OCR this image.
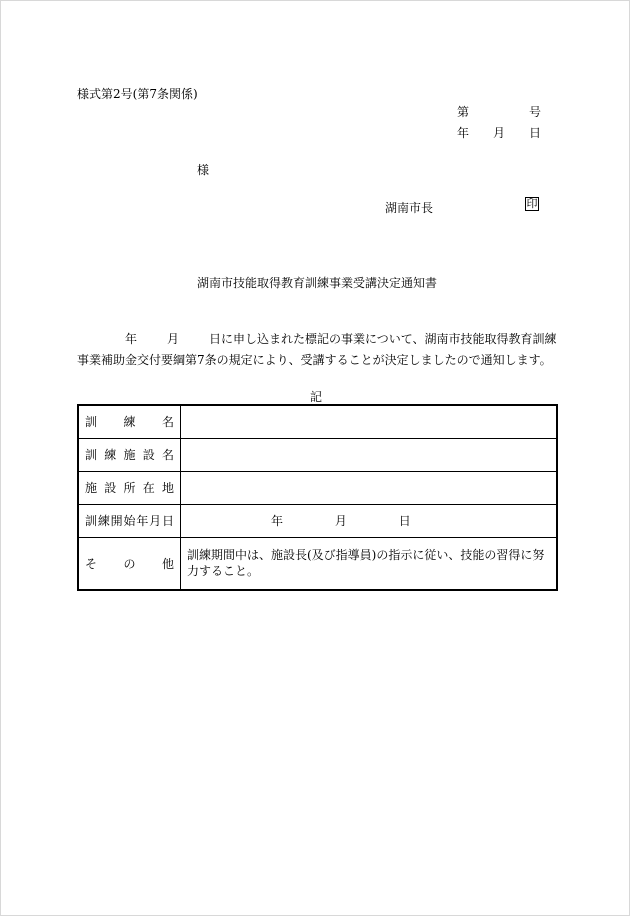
様式第2号(第7条関係)
第	号
年 月 日
様
湖南市長	印
湖南市技能取得教育訓練事業受講決定通知書
年	月	日に申し込まれた標記の事業について、湖南市技能取得教育訓練事業補助金交付要綱第7条の規定により、受講することが決定しましたので通知します。
記
訓 練 名	
訓練施設名	
施設所在地	
訓練開始年月日	年 月 日
そ の 他	訓練期間中は、施設長(及び指導員)の指示に従い、技能の習得に努力すること。
